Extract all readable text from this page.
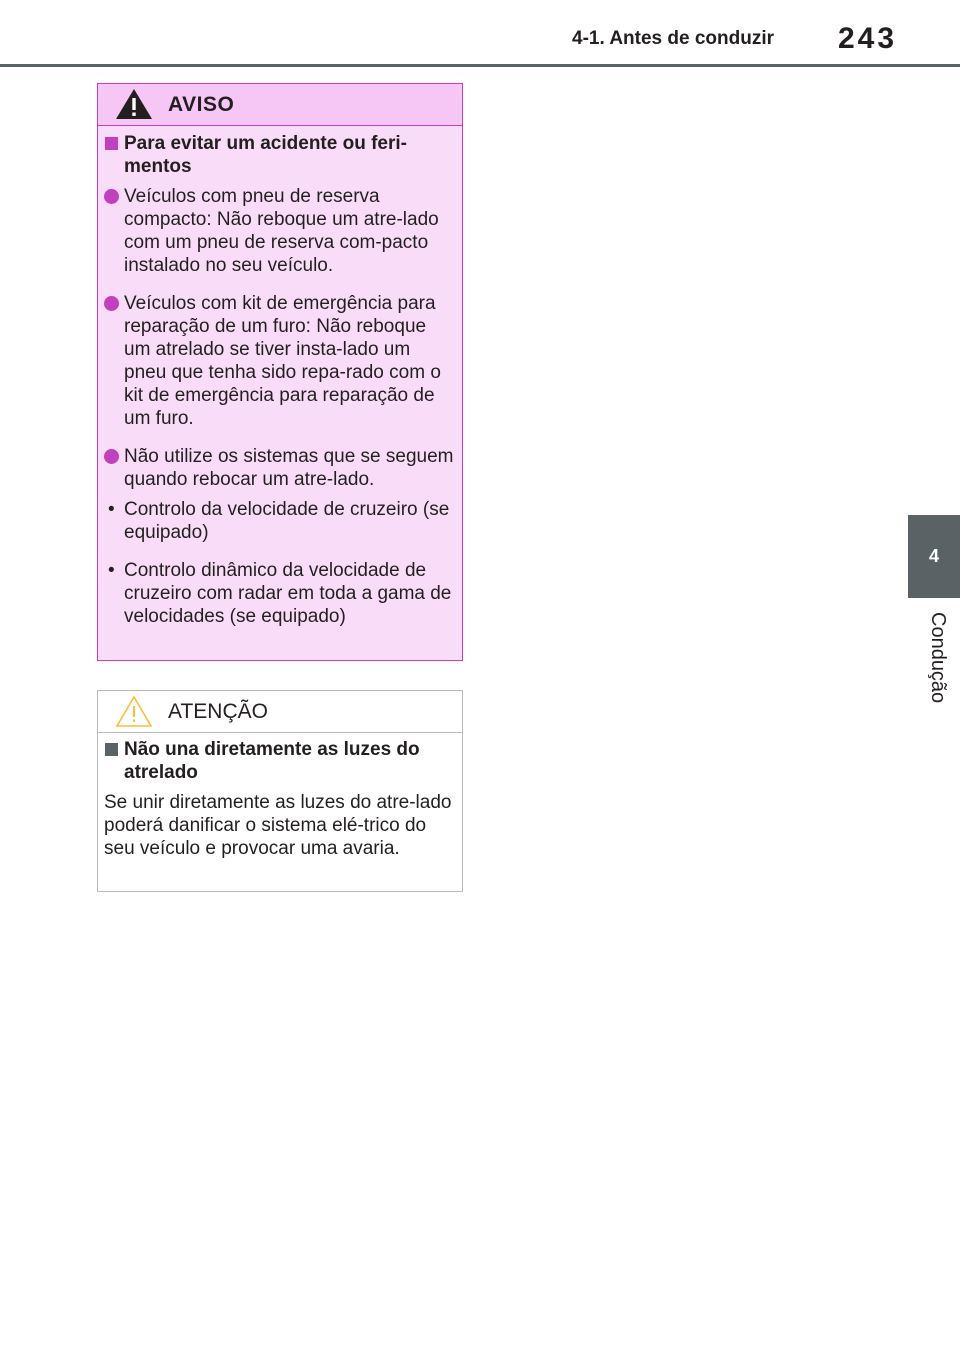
4-1. Antes de conduzir 243
4
Condução
AVISO
Para evitar um acidente ou feri-mentos
Veículos com pneu de reserva compacto: Não reboque um atre-lado com um pneu de reserva com-pacto instalado no seu veículo.
Veículos com kit de emergência para reparação de um furo: Não reboque um atrelado se tiver insta-lado um pneu que tenha sido repa-rado com o kit de emergência para reparação de um furo.
Não utilize os sistemas que se seguem quando rebocar um atre-lado.
• Controlo da velocidade de cruzeiro (se equipado)
• Controlo dinâmico da velocidade de cruzeiro com radar em toda a gama de velocidades (se equipado)
ATENÇÃO
Não una diretamente as luzes do atrelado
Se unir diretamente as luzes do atre-lado poderá danificar o sistema elé-trico do seu veículo e provocar uma avaria.
